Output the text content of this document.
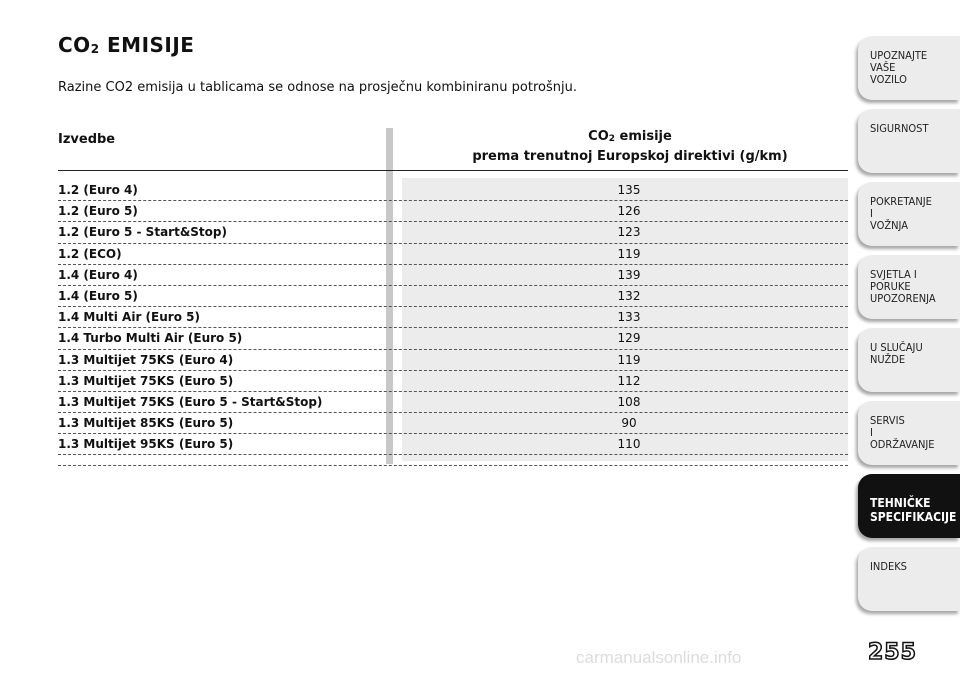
$CO_2$ EMISIJE
Razine CO2 emisija u tablicama se odnose na prosječnu kombiniranu potrošnju.
Izvedbe	$CO_2$ emisije
prema trenutnoj Europskoj direktivi (g/km)
1.2 (Euro 4)	135
1.2 (Euro 5)	126
1.2 (Euro 5 - Start&Stop)	123
1.2 (ECO)	119
1.4 (Euro 4)	139
1.4 (Euro 5)	132
1.4 Multi Air (Euro 5)	133
1.4 Turbo Multi Air (Euro 5)	129
1.3 Multijet 75KS (Euro 4)	119
1.3 Multijet 75KS (Euro 5)	112
1.3 Multijet 75KS (Euro 5 - Start&Stop)	108
1.3 Multijet 85KS (Euro 5)	90
1.3 Multijet 95KS (Euro 5)	110
UPOZNAJTE
VAŠE
VOZILO
SIGURNOST
POKRETANJE
I
VOŽNJA
SVJETLA I
PORUKE
UPOZORENJA
U SLUČAJU
NUŽDE
SERVIS
I
ODRŽAVANJE
TEHNIČKE
SPECIFIKACIJE
INDEKS
255
carmanualsonline.info
